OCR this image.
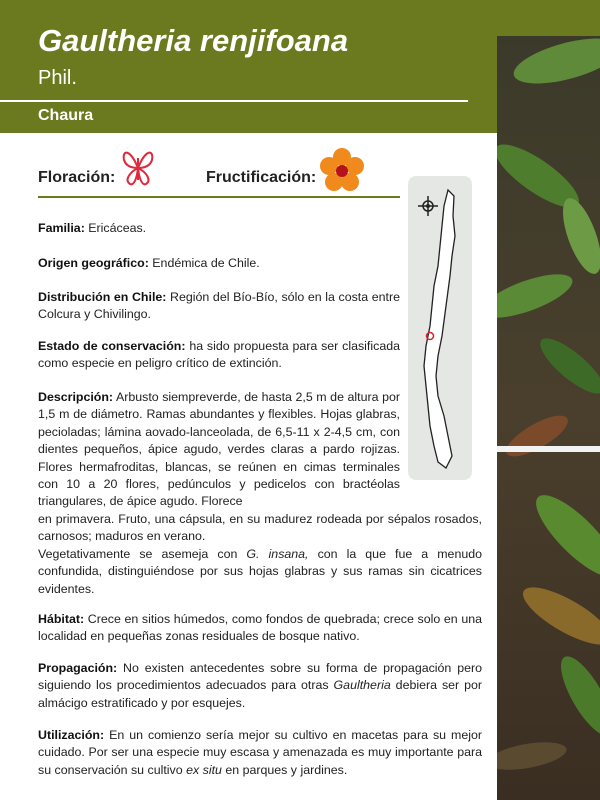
Gaultheria renjifoana

Phil.

Chaura

Floración:	Fructificación:

Familia: Ericáceas.

Origen geográfico: Endémica de Chile.

Distribución en Chile: Región del Bío-Bío, sólo en la costa entre Colcura y Chivilingo.

Estado de conservación: ha sido propuesta para ser clasificada como especie en peligro crítico de extinción.

Descripción: Arbusto siempreverde, de hasta 2,5 m de altura por 1,5 m de diámetro. Ramas abundantes y flexibles. Hojas glabras, pecioladas; lámina aovado-lanceolada, de 6,5-11 x 2-4,5 cm, con dientes pequeños, ápice agudo, verdes claras a pardo rojizas. Flores hermafroditas, blancas, se reúnen en cimas terminales con 10 a 20 flores, pedúnculos y pedicelos con bractéolas triangulares, de ápice agudo. Florece

en primavera. Fruto, una cápsula, en su madurez rodeada por sépalos rosados, carnosos; maduros en verano.
Vegetativamente se asemeja con G. insana, con la que fue a menudo confundida, distinguiéndose por sus hojas glabras y sus ramas sin cicatrices evidentes.

Hábitat: Crece en sitios húmedos, como fondos de quebrada; crece solo en una localidad en pequeñas zonas residuales de bosque nativo.

Propagación: No existen antecedentes sobre su forma de propagación pero siguiendo los procedimientos adecuados para otras Gaultheria debiera ser por almácigo estratificado y por esquejes.

Utilización: En un comienzo sería mejor su cultivo en macetas para su mejor cuidado. Por ser una especie muy escasa y amenazada es muy importante para su conservación su cultivo ex situ en parques y jardines.
